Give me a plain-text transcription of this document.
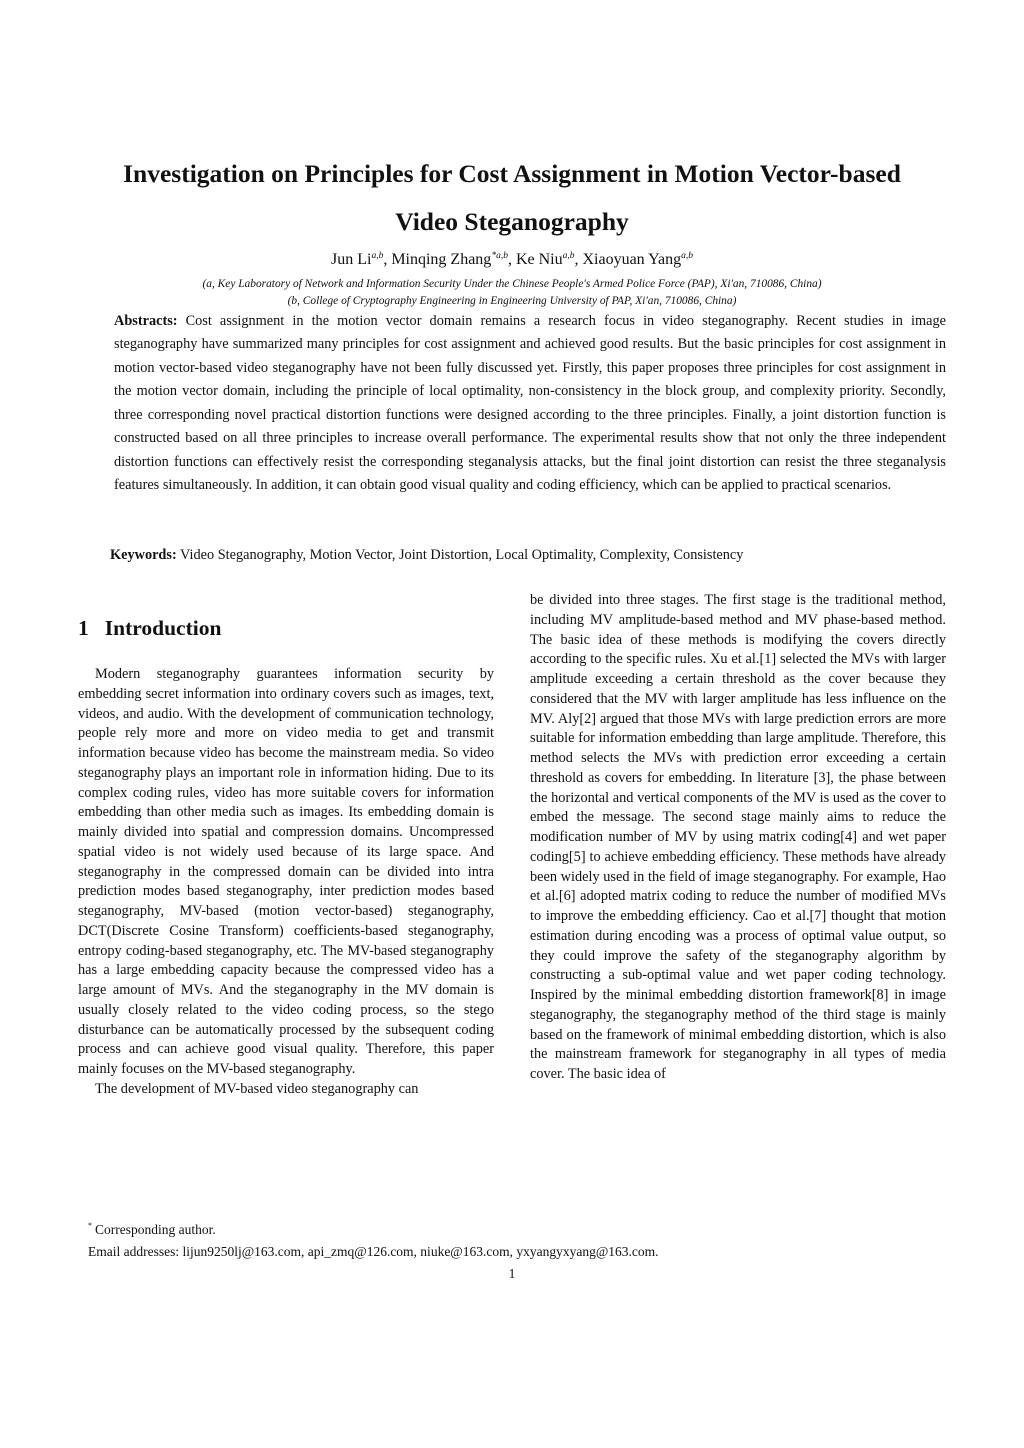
Investigation on Principles for Cost Assignment in Motion Vector-based
Video Steganography
Jun Li$^{a,b}$, Minqing Zhang$^{*a,b}$, Ke Niu$^{a,b}$, Xiaoyuan Yang$^{a,b}$
(a, Key Laboratory of Network and Information Security Under the Chinese People's Armed Police Force (PAP), Xi'an, 710086, China)
(b, College of Cryptography Engineering in Engineering University of PAP, Xi'an, 710086, China)
Abstracts: Cost assignment in the motion vector domain remains a research focus in video steganography. Recent studies in image steganography have summarized many principles for cost assignment and achieved good results. But the basic principles for cost assignment in motion vector-based video steganography have not been fully discussed yet. Firstly, this paper proposes three principles for cost assignment in the motion vector domain, including the principle of local optimality, non-consistency in the block group, and complexity priority. Secondly, three corresponding novel practical distortion functions were designed according to the three principles. Finally, a joint distortion function is constructed based on all three principles to increase overall performance. The experimental results show that not only the three independent distortion functions can effectively resist the corresponding steganalysis attacks, but the final joint distortion can resist the three steganalysis features simultaneously. In addition, it can obtain good visual quality and coding efficiency, which can be applied to practical scenarios.
Keywords: Video Steganography, Motion Vector, Joint Distortion, Local Optimality, Complexity, Consistency
1 Introduction

Modern steganography guarantees information security by embedding secret information into ordinary covers such as images, text, videos, and audio. With the development of communication technology, people rely more and more on video media to get and transmit information because video has become the mainstream media. So video steganography plays an important role in information hiding. Due to its complex coding rules, video has more suitable covers for information embedding than other media such as images. Its embedding domain is mainly divided into spatial and compression domains. Uncompressed spatial video is not widely used because of its large space. And steganography in the compressed domain can be divided into intra prediction modes based steganography, inter prediction modes based steganography, MV-based (motion vector-based) steganography, DCT(Discrete Cosine Transform) coefficients-based steganography, entropy coding-based steganography, etc. The MV-based steganography has a large embedding capacity because the compressed video has a large amount of MVs. And the steganography in the MV domain is usually closely related to the video coding process, so the stego disturbance can be automatically processed by the subsequent coding process and can achieve good visual quality. Therefore, this paper mainly focuses on the MV-based steganography.

The development of MV-based video steganography can

be divided into three stages. The first stage is the traditional method, including MV amplitude-based method and MV phase-based method. The basic idea of these methods is modifying the covers directly according to the specific rules. Xu et al.[1] selected the MVs with larger amplitude exceeding a certain threshold as the cover because they considered that the MV with larger amplitude has less influence on the MV. Aly[2] argued that those MVs with large prediction errors are more suitable for information embedding than large amplitude. Therefore, this method selects the MVs with prediction error exceeding a certain threshold as covers for embedding. In literature [3], the phase between the horizontal and vertical components of the MV is used as the cover to embed the message. The second stage mainly aims to reduce the modification number of MV by using matrix coding[4] and wet paper coding[5] to achieve embedding efficiency. These methods have already been widely used in the field of image steganography. For example, Hao et al.[6] adopted matrix coding to reduce the number of modified MVs to improve the embedding efficiency. Cao et al.[7] thought that motion estimation during encoding was a process of optimal value output, so they could improve the safety of the steganography algorithm by constructing a sub-optimal value and wet paper coding technology. Inspired by the minimal embedding distortion framework[8] in image steganography, the steganography method of the third stage is mainly based on the framework of minimal embedding distortion, which is also the mainstream framework for steganography in all types of media cover. The basic idea of

* Corresponding author.
Email addresses: lijun9250lj@163.com, api_zmq@126.com, niuke@163.com, yxyangyxyang@163.com.
1
